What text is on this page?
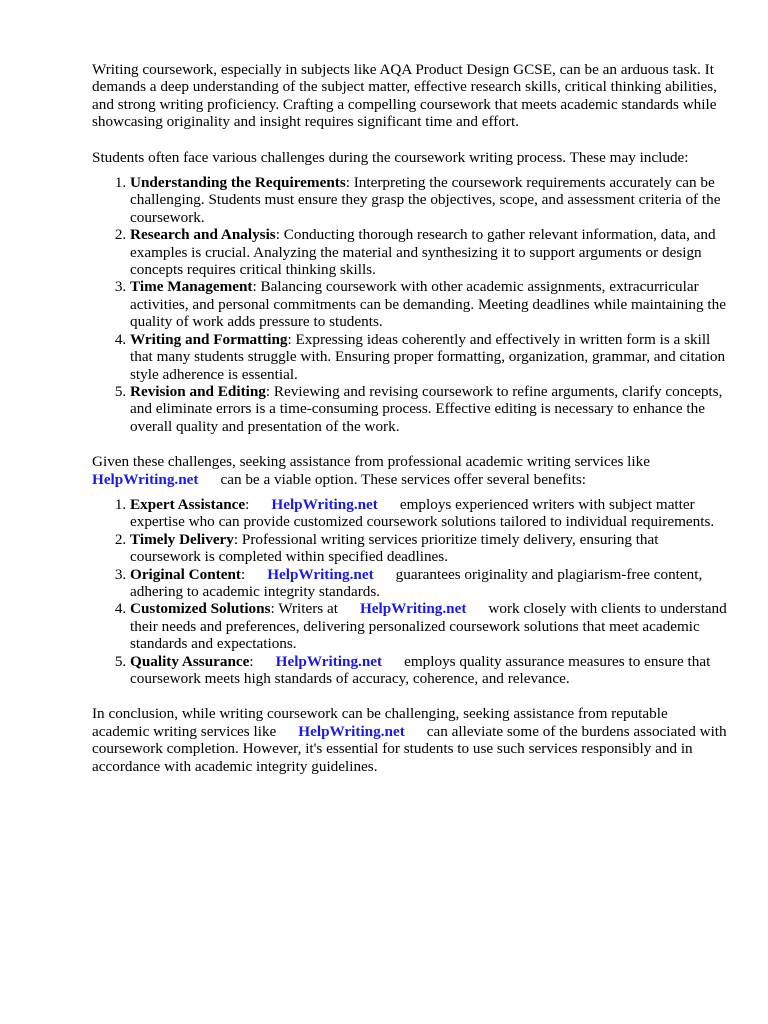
Writing coursework, especially in subjects like AQA Product Design GCSE, can be an arduous task. It demands a deep understanding of the subject matter, effective research skills, critical thinking abilities, and strong writing proficiency. Crafting a compelling coursework that meets academic standards while showcasing originality and insight requires significant time and effort.

Students often face various challenges during the coursework writing process. These may include:

1. Understanding the Requirements: Interpreting the coursework requirements accurately can be challenging. Students must ensure they grasp the objectives, scope, and assessment criteria of the coursework.
2. Research and Analysis: Conducting thorough research to gather relevant information, data, and examples is crucial. Analyzing the material and synthesizing it to support arguments or design concepts requires critical thinking skills.
3. Time Management: Balancing coursework with other academic assignments, extracurricular activities, and personal commitments can be demanding. Meeting deadlines while maintaining the quality of work adds pressure to students.
4. Writing and Formatting: Expressing ideas coherently and effectively in written form is a skill that many students struggle with. Ensuring proper formatting, organization, grammar, and citation style adherence is essential.
5. Revision and Editing: Reviewing and revising coursework to refine arguments, clarify concepts, and eliminate errors is a time-consuming process. Effective editing is necessary to enhance the overall quality and presentation of the work.

Given these challenges, seeking assistance from professional academic writing services like
HelpWriting.net can be a viable option. These services offer several benefits:

1. Expert Assistance: HelpWriting.net employs experienced writers with subject matter expertise who can provide customized coursework solutions tailored to individual requirements.
2. Timely Delivery: Professional writing services prioritize timely delivery, ensuring that coursework is completed within specified deadlines.
3. Original Content: HelpWriting.net guarantees originality and plagiarism-free content, adhering to academic integrity standards.
4. Customized Solutions: Writers at HelpWriting.net work closely with clients to understand their needs and preferences, delivering personalized coursework solutions that meet academic standards and expectations.
5. Quality Assurance: HelpWriting.net employs quality assurance measures to ensure that coursework meets high standards of accuracy, coherence, and relevance.

In conclusion, while writing coursework can be challenging, seeking assistance from reputable academic writing services like HelpWriting.net can alleviate some of the burdens associated with coursework completion. However, it's essential for students to use such services responsibly and in accordance with academic integrity guidelines.
